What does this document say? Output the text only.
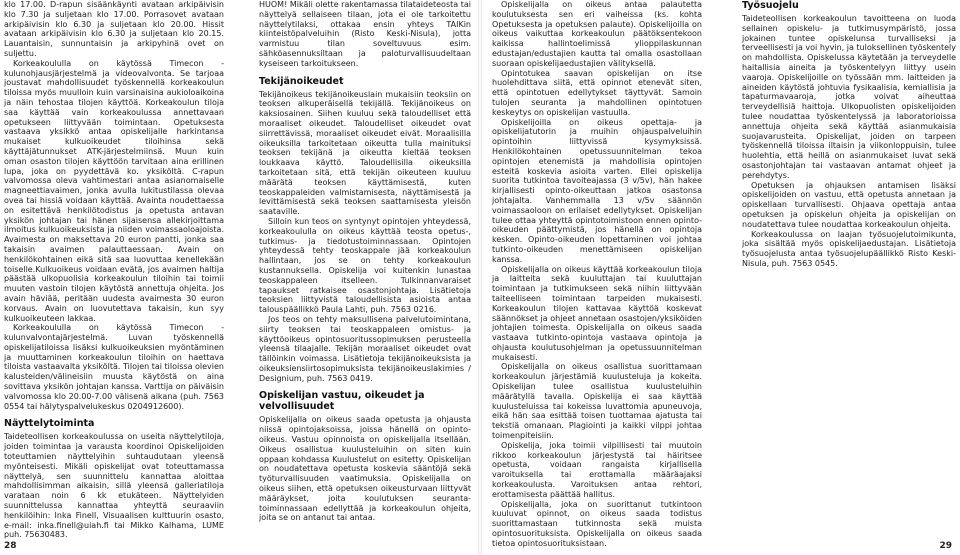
klo 17.00. D-rapun sisäänkäynti avataan arkipäivisin klo 7.30 ja suljetaan klo 17.00. Porrasovet avataan arkipäivisin klo 6.30 ja suljetaan klo 20.00. Hissit avataan arkipäivisin klo 6.30 ja suljetaan klo 20.15. Lauantaisin, sunnuntaisin ja arkipyhinä ovet on suljettu.

Korkeakoululla on käytössä Timecon -kulunohjausjärjestelmä ja videovalvonta. Se tarjoaa joustavat mahdollisuudet työskennellä korkeakoulun tiloissa myös muulloin kuin varsinaisina aukioloaikoina ja näin tehostaa tilojen käyttöä. Korkeakoulun tiloja saa käyttää vain korkeakoulussa annettavaan opetukseen liittyvään toimintaan. Opetuksesta vastaava yksikkö antaa opiskelijalle harkintansa mukaiset kulkuoikeudet tiloihinsa sekä käyttäjätunnukset ATK-järjestelmiinsä. Muun kuin oman osaston tilojen käyttöön tarvitaan aina erillinen lupa, joka on pyydettävä ko. yksiköltä. C-rapun valvomossa oleva vahtimestari antaa asianomaiselle magneettiavaimen, jonka avulla lukitustilassa olevaa ovea tai hissiä voidaan käyttää. Avainta noudettaessa on esitettävä henkilötodistus ja opetusta antavan yksikön johtajan tai hänen sijaisensa allekirjoittama ilmoitus kulkuoikeuksista ja niiden voimassaoloajoista. Avaimesta on maksettava 20 euron pantti, jonka saa takaisin avaimen palauttaessaan. Avain on henkilökohtainen eikä sitä saa luovuttaa kenellekään toiselle.Kulkuoikeus voidaan evätä, jos avaimen haltija päästää ulkopuolisia korkeakoulun tiloihin tai toimii muuten vastoin tilojen käytöstä annettuja ohjeita. Jos avain häviää, peritään uudesta avaimesta 30 euron korvaus. Avain on luovutettava takaisin, kun syy kulkuoikeuteen lakkaa.

Korkeakoululla on käytössä Timecon -kulunvalvontajärjestelmä. Luvan työskennellä opiskelijatiloissa lisäksi kulkuoikeuksien myöntäminen ja muuttaminen korkeakoulun tiloihin on haettava tiloista vastaavalta yksiköltä. Tilojen tai tiloissa olevien kalusteiden/välineisiin muusta käytöstä on aina sovittava yksikön johtajan kanssa. Varttija on päiväisin valvomossa klo 20.00-7.00 välisenä aikana (puh. 7563 0554 tai hälytyspalvelukeskus 0204912600).

Näyttelytoiminta

Taideteollisen korkeakoulussa on useita näyttelytiloja, joiden toimintaa ja varausta koordinoi Opiskelijoiden toteuttamien näyttelyihin suhtaudutaan yleensä myönteisesti. Mikäli opiskelijat ovat toteuttamassa näyttelyä, sen suunnittelu kannattaa aloittaa mahdollisimman aikaisin, sillä yleensä galleriatiloja varataan noin 6 kk etukäteen. Näyttelyiden suunnittelussa kannattaa yhteyttä seuraaviin henkilöihin: Inka Finell, Visuaalisen kulttuurin osasto, e-mail: inka.finell@uiah.fi tai Mikko Kalhama, LUME puh. 75630483.

HUOM! Mikäli olette rakentamassa tilataideteosta tai näyttelyä sellaiseen tilaan, jota ei ole tarkoitettu näyttelytilaksi, ottakaa ensin yhteys TAIKin kiinteistöpalveluihin (Risto Keski-Nisula), jotta varmistuu tilan soveltuvuus esim. sähköasennuksiltaan ja paloturvallisuudeltaan kyseiseen tarkoitukseen.

Tekijänoikeudet

Tekijänoikeus tekijänoikeuslain mukaisiin teoksiin on teoksen alkuperäisellä tekijällä. Tekijänoikeus on kaksiosainen. Siihen kuuluu sekä taloudelliset että moraaliset oikeudet. Taloudelliset oikeudet ovat siirrettävissä, moraaliset oikeudet eivät. Moraalisilla oikeuksilla tarkoitetaan oikeutta tulla mainituksi teoksen tekijänä ja oikeutta kieltää teoksen loukkaava käyttö. Taloudellisilla oikeuksilla tarkoitetaan sitä, että tekijän oikeuteen kuuluu määrätä teoksen käyttämisestä, kuten teoskappaleiden valmistamisesta, näyttämisestä ja levittämisestä sekä teoksen saattamisesta yleisön saataville.

Silloin kun teos on syntynyt opintojen yhteydessä, korkeakoululla on oikeus käyttää teosta opetus-, tutkimus- ja tiedotustoiminnassaan. Opintojen yhteydessä tehty teoskappale jää korkeakoulun hallintaan, jos se on tehty korkeakoulun kustannuksella. Opiskelija voi kuitenkin lunastaa teoskappaleen itselleen. Tulkinnanvaraiset tapaukset ratkaisee osastonjohtaja. Lisätietoja teoksien liittyvistä taloudellisista asioista antaa talouspäällikkö Paula Lahti, puh. 7563 0216.

Jos teos on tehty maksullisena palvelutoimintana, siirty teoksen tai teoskappaleen omistus- ja käyttöoikeus opintosuoritussopimuksen perusteella yleensä tilaajalle. Tekijän moraaliset oikeudet ovat tällöinkin voimassa. Lisätietoja tekijänoikeuksista ja oikeuksiensiirtosopimuksista tekijänoikeuslakimies / Designium, puh. 7563 0419.

Opiskelijan vastuu, oikeudet ja velvollisuudet

Opiskelijalla on oikeus saada opetusta ja ohjausta niissä opintojaksoissa, joissa hänellä on opinto-oikeus. Vastuu opinnoista on opiskelijalla itsellään. Oikeus osallistua kuulusteluihin on siten kuin oppaan kohdassa Kuulustelut on esitetty. Opiskelijan on noudatettava opetusta koskevia sääntöjä sekä työturvallisuuden vaatimuksia. Opiskelijalla on oikeus siihen, että opetuksen oikeusturvaan liittyvät määräykset, joita koulutuksen seuranta-toiminnassaan edellyttää ja korkeakoulun ohjeita, joita se on antanut tai antaa.

28

Opiskelijalla on oikeus antaa palautetta koulutuksesta sen eri vaiheissa (ks. kohta Opetuksesta ja opetuksen palaute). Opiskelijoilla on oikeus vaikuttaa korkeakoulun päätöksentekoon kaikissa hallintoelimissä ylioppilaskunnan edustajan/edustajien kautta tai omalla osastollaan suoraan opiskelijaedustajien välityksellä.

Opintotukea saavan opiskelijan on itse huolehdittava siitä, että opinnot etenevät siten, että opintotuen edellytykset täyttyvät. Samoin tulojen seuranta ja mahdollinen opintotuen keskeytys on opiskelijan vastuulla.

Opiskelijoilla on oikeus opettaja- ja opiskelijatutorin ja muihin ohjauspalveluihin opintoihin liittyvissä kysymyksissä. Henkilökohtainen opetussuunnitelman tekoa opintojen etenemistä ja mahdollisia opintojen esteitä koskevia asioita varten. Ellei opiskelija suorita tutkintoa tavoiteajassa (3 v/5v), hän hakee kirjallisesti opinto-oikeuttaan jatkoa osastonsa johtajalta. Vanhemmalla 13 v/5v säännön voimassaoloon on erilaiset edellytykset. Opiskelijan tulee ottaa yhteyttä opintotoimistoon ennen opinto-oikeuden päättymistä, jos hänellä on opintoja kesken. Opinto-oikeuden lopettaminen voi johtaa tutkinto-oikeuden menettämiseen opiskelijan kanssa.

Opiskelijalla on oikeus käyttää korkeakoulun tiloja ja laitteita sekä kuuluttajan tai kuuluttajan toimintaan ja tutkimukseen sekä niihin liittyvään taiteelliseen toimintaan tarpeiden mukaisesti. Korkeakoulun tilojen kattavaa käyttöä koskevat säännökset ja ohjeet annetaan osastojen/yksiköiden johtajien toimesta. Opiskelijalla on oikeus saada vastaava tutkinto-opintoja vastaava opintoja ja ohjausta koulutusohjelman ja opetussuunnitelman mukaisesti.

Opiskelijalla on oikeus osallistua suorittamaan korkeakoulun järjestämiä kuulusteluja ja kokeita. Opiskelijan tulee osallistua kuulusteluihin määrätyllä tavalla. Opiskelija ei saa käyttää kuulusteluissa tai kokeissa luvattomia apuneuvoja, eikä hän saa esittää toisen tuottamaa ajatusta tai tekstiä omanaan. Plagiointi ja kaikki vilppi johtaa toimenpiteisiin.

Opiskelija, joka toimii vilpillisesti tai muutoin rikkoo korkeakoulun järjestystä tai häiritsee opetusta, voidaan rangaista kirjallisella varoituksella tai erottamalla määräajaksi korkeakoulusta. Varoituksen antaa rehtori, erottamisesta päättää hallitus.

Opiskelijalla, joka on suorittanut tutkintoon kuuluvat opinnot, on oikeus saada todistus suorittamastaan tutkinnosta sekä muista opintosuorituksista. Opiskelijalla on oikeus saada tietoa opintosuorituksistaan.

Työsuojelu

Taideteollisen korkeakoulun tavoitteena on luoda sellainen opiskelu- ja tutkimusympäristö, jossa jokainen tuntee opiskelunsa turvalliseksi ja terveellisesti ja voi hyvin, ja tuloksellinen työskentely on mahdollista. Opiskelussa käytetään ja terveydelle haitallisia aineita ja työskentelyyn liittyy usein vaaroja. Opiskelijoille on työssään mm. laitteiden ja aineiden käytöstä johtuvia fysikaalisia, kemiallisia ja tapaturmavaaroja, jotka voivat aiheuttaa terveydellisiä haittoja. Ulkopuolisten opiskelijoiden tulee noudattaa työskentelyssä ja laboratorioissa annettuja ohjeita sekä käyttää asianmukaisia suojavarusteita. Opiskelijat, joiden on tarpeen työskennellä tiloissa iltaisin ja viikonloppuisin, tulee huolehtia, että heillä on asianmukaiset luvat sekä osastonjohtajan tai vastaavan antamat ohjeet ja perehdytys.

Opetuksen ja ohjauksen antamisen lisäksi opiskelijoiden on vastuu, että opetusta annetaan ja opiskellaan turvallisesti. Ohjaava opettaja antaa opetuksen ja opiskelun ohjeita ja opiskelijan on noudatettava tulee noudattaa korkeakoulun ohjeita.

Korkeakoulussa on laajan työsuojelutoimikunta, joka sisältää myös opiskelijaedustajan. Lisätietoja työsuojelusta antaa työsuojelupäällikkö Risto Keski-Nisula, puh. 7563 0545.

29
